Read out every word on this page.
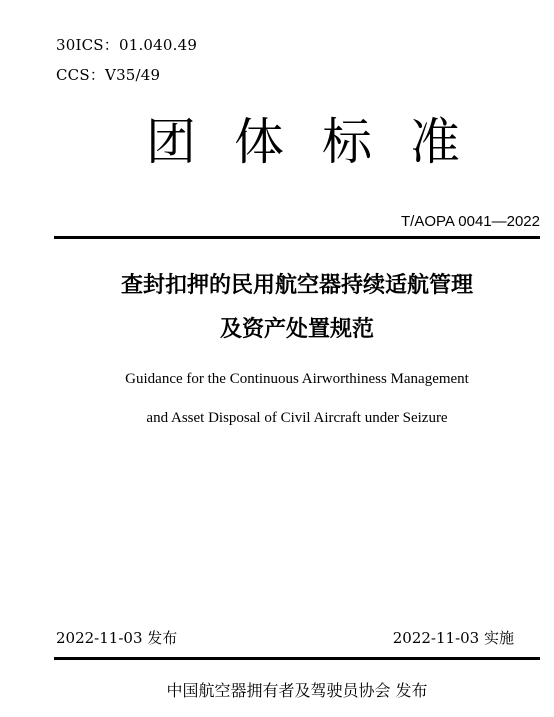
30ICS：01.040.49
CCS：V35/49
团体标准
T/AOPA 0041—2022
查封扣押的民用航空器持续适航管理
及资产处置规范
Guidance for the Continuous Airworthiness Management
and Asset Disposal of Civil Aircraft under Seizure
2022-11-03 发布	2022-11-03 实施
中国航空器拥有者及驾驶员协会 发布
